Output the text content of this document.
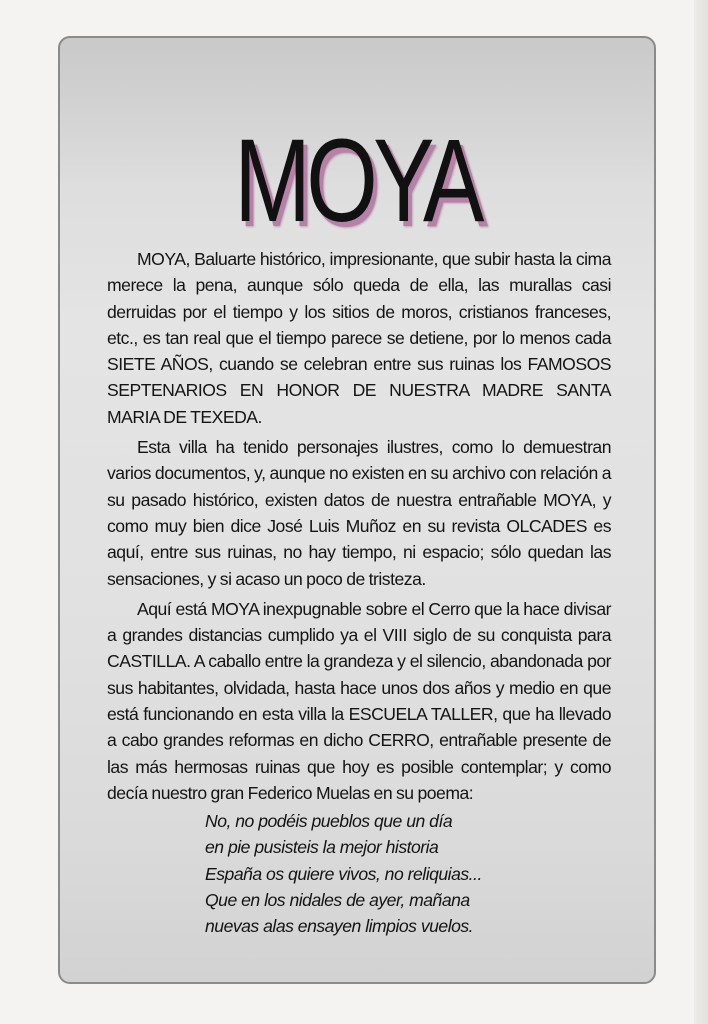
MOYA

MOYA, Baluarte histórico, impresionante, que subir hasta la cima merece la pena, aunque sólo queda de ella, las murallas casi derruidas por el tiempo y los sitios de moros, cristianos franceses, etc., es tan real que el tiempo parece se detiene, por lo menos cada SIETE AÑOS, cuando se celebran entre sus ruinas los FAMOSOS SEPTENARIOS EN HONOR DE NUESTRA MADRE SANTA MARIA DE TEXEDA.

Esta villa ha tenido personajes ilustres, como lo demuestran varios documentos, y, aunque no existen en su archivo con relación a su pasado histórico, existen datos de nuestra entrañable MOYA, y como muy bien dice José Luis Muñoz en su revista OLCADES es aquí, entre sus ruinas, no hay tiempo, ni espacio; sólo quedan las sensaciones, y si acaso un poco de tristeza.

Aquí está MOYA inexpugnable sobre el Cerro que la hace divisar a grandes distancias cumplido ya el VIII siglo de su conquista para CASTILLA. A caballo entre la grandeza y el silencio, abandonada por sus habitantes, olvidada, hasta hace unos dos años y medio en que está funcionando en esta villa la ESCUELA TALLER, que ha llevado a cabo grandes reformas en dicho CERRO, entrañable presente de las más hermosas ruinas que hoy es posible contemplar; y como decía nuestro gran Federico Muelas en su poema:

No, no podéis pueblos que un día
en pie pusisteis la mejor historia
España os quiere vivos, no reliquias...
Que en los nidales de ayer, mañana
nuevas alas ensayen limpios vuelos.
